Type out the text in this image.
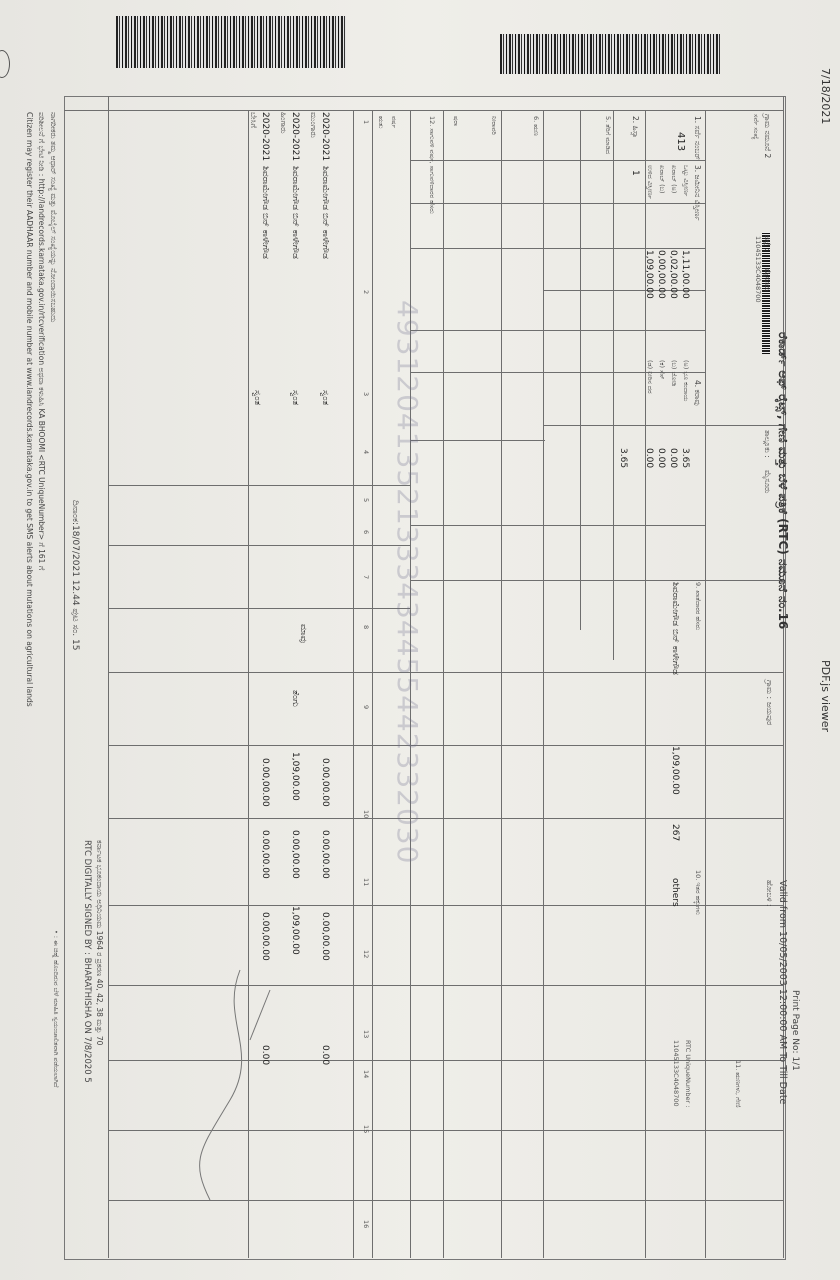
7/18/2021
PDF.js viewer
11045133C4048700
ರೆಕಾರ್ಡ್ ಆಫ್ ರೈಟ್ಸ್, ಗೇಣಿ ಮತ್ತು ಬೆಳೆ ಪತ್ರಿಕೆ (RTC) ನಮೂನೆ ನಂ.16
Print Page No: 1/1
Valid from 10/05/2003 12:00:00 AM To Till Date
ಹೋಬಳಿ :
ಗ್ರಾಮ :
ಜಯಪುರ
ತಾಲ್ಲೂಕು :
ಮೈಸೂರು
ಜಿಲ್ಲೆ :
ಮೈಸೂರು
ಗ್ರಾಮ ನಮೂನೆ 2
ಸರ್ವೆ ಸಂಖ್ಯೆ
RTC UniqueNumber :
11045133C4048700
1. ಸರ್ವೆ ನಂಬರ್
413
2. ಹಿಸ್ಸಾ
1	3. ಜಮೀನಿನ ವಿಸ್ತೀರ್ಣ
ಒಟ್ಟು ವಿಸ್ತೀರ್ಣ
1,11,00.00
ಖರಾಬ್ (ಅ)
0,02,00.00
ಖರಾಬ್ (ಬ)
0,00,00.00
ಉಳಿದ ವಿಸ್ತೀರ್ಣ
1,09,00.00
4. ಕರಾವು
(ಅ) ಭೂ ಕಂದಾಯ
(ಬ) ಜೋಡಿ
(ಕ) ಸೆಸ್
(ಡ) ನೀರಿನ ದರ
3.65
0.00
0.00
0.00
3.65
9. ಖಾತೆದಾರರ ಹೆಸರು
ಶಿವರಾಮೇಗೌಡ ಬಿನ್ ಕಾಳೇಗೌಡ
1,09,00.00
267
10. ಇತರ ಹಕ್ಕುಗಳು
others
11. ಋಣಗಳು, ಗೇಣಿ
5. ತೆರಿಗೆ ಮಾಡಿದ
6. ಋಣ
ನೀರಾವರಿ
ಷರಾ
12. ಸಾಗುವಳಿ ವರ್ಷ, ಸಾಗುವಳಿದಾರರ ಹೆಸರು
ವರ್ಷ
ಋತು
1
2
3
4
5
6
7
8
9
10
11
12
13
14
15
16
2020-2021
ಶಿವರಾಮೇಗೌಡ ಬಿನ್ ಕಾಳೇಗೌಡ
ಮುಂಗಾರು
ಸ್ವಂತ
0.00,00.00
0.00,00.00
0.00,00.00
0.00
2020-2021
ಶಿವರಾಮೇಗೌಡ ಬಿನ್ ಕಾಳೇಗೌಡ
ಹಿಂಗಾರು
ಸ್ವಂತ
ಮಾವು
ತೆಂಗು
1,09,00.00
0.00,00.00
1,09,00.00
2020-2021
ಶಿವರಾಮೇಗೌಡ ಬಿನ್ ಕಾಳೇಗೌಡ
ಬೇಸಿಗೆ
ಸ್ವಂತ
0.00,00.00
0.00,00.00
0.00,00.00
0.00
493120413521333434455442332030
ದಿನಾಂಕ:18/07/2021 12.44 ಪುಟ ಸಂ. 15
RTC DIGITALLY SIGNED BY : BHARATHISHA ON 7/8/2020 5 ಕರ್ನಾಟಕ ಭೂಕಂದಾಯ ಅಧಿನಿಯಮ 1964 ರ ಪ್ರಕರಣ 40, 42, 38 ಮತ್ತು 70
ನಾಗರೀಕರು ತಮ್ಮ ಆಧಾರ್ ಸಂಖ್ಯೆ ಮತ್ತು ಮೊಬೈಲ್ ಸಂಖ್ಯೆಯನ್ನು ನೋಂದಾಯಿಸಬಹುದು
ಪರಿಶೀಲನೆ ಗೆ ಭೇಟಿ ನೀಡಿ : http://landrecords.karnataka.gov.in/rtcverification ಅಥವಾ ಕಳುಹಿಸಿ KA BHOOMI <RTC UniqueNumber> ಗೆ 161 ಗೆ
Citizen may register their AADHAAR number and mobile number at www.landrecords.karnataka.gov.in to get SMS alerts about mutations on agricultural lands
• : ಈ ಚಿಹ್ನೆ ಹೊಂದಿರುವ ಬೆಳೆ ಮಾಹಿತಿ ಸ್ವಯಂಚಾಲಿತವಾಗಿ ಪಡೆಯಲಾಗಿದೆ
